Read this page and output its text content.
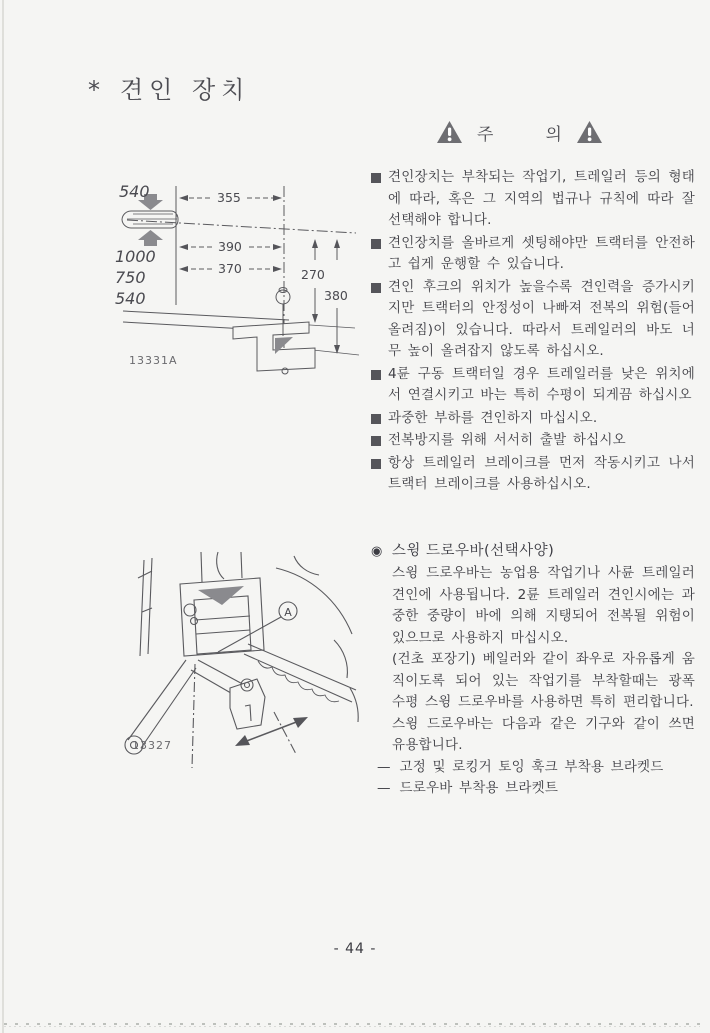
* 견인 장치
주	의
540	355
1000
750
540
390
370	270
380
13331A
견인장치는 부착되는 작업기, 트레일러 등의 형태에 따라, 혹은 그 지역의 법규나 규칙에 따라 잘 선택해야 합니다.
견인장치를 올바르게 셋팅해야만 트랙터를 안전하고 쉽게 운행할 수 있습니다.
견인 후크의 위치가 높을수록 견인력을 증가시키지만 트랙터의 안정성이 나빠져 전복의 위험(들어 올려짐)이 있습니다. 따라서 트레일러의 바도 너무 높이 올려잡지 않도록 하십시오.
4륜 구동 트랙터일 경우 트레일러를 낮은 위치에서 연결시키고 바는 특히 수평이 되게끔 하십시오
과중한 부하를 견인하지 마십시오.
전복방지를 위해 서서히 출발 하십시오
항상 트레일러 브레이크를 먼저 작동시키고 나서 트랙터 브레이크를 사용하십시오.
A
13327
◉ 스윙 드로우바(선택사양)

스윙 드로우바는 농업용 작업기나 사륜 트레일러 견인에 사용됩니다. 2륜 트레일러 견인시에는 과중한 중량이 바에 의해 지탱되어 전복될 위험이 있으므로 사용하지 마십시오.

(건초 포장기) 베일러와 같이 좌우로 자유롭게 움직이도록 되어 있는 작업기를 부착할때는 광폭 수평 스윙 드로우바를 사용하면 특히 편리합니다.

스윙 드로우바는 다음과 같은 기구와 같이 쓰면 유용합니다.

— 고정 및 로킹거 토잉 훅크 부착용 브라켓드
— 드로우바 부착용 브라켓트
- 44 -
